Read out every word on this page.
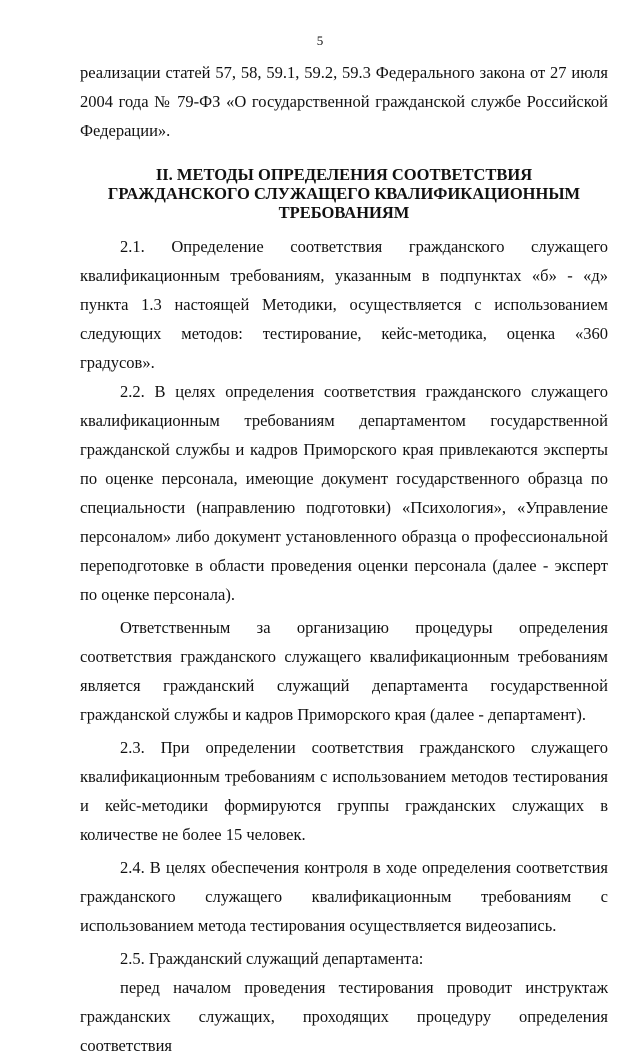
5

реализации статей 57, 58, 59.1, 59.2, 59.3 Федерального закона от 27 июля 2004 года № 79-ФЗ «О государственной гражданской службе Российской Федерации».

II. МЕТОДЫ ОПРЕДЕЛЕНИЯ СООТВЕТСТВИЯ
ГРАЖДАНСКОГО СЛУЖАЩЕГО КВАЛИФИКАЦИОННЫМ
ТРЕБОВАНИЯМ

2.1. Определение соответствия гражданского служащего квалификационным требованиям, указанным в подпунктах «б» - «д» пункта 1.3 настоящей Методики, осуществляется с использованием следующих методов: тестирование, кейс-методика, оценка «360 градусов».

2.2. В целях определения соответствия гражданского служащего квалификационным требованиям департаментом государственной гражданской службы и кадров Приморского края привлекаются эксперты по оценке персонала, имеющие документ государственного образца по специальности (направлению подготовки) «Психология», «Управление персоналом» либо документ установленного образца о профессиональной переподготовке в области проведения оценки персонала (далее - эксперт по оценке персонала).

Ответственным за организацию процедуры определения соответствия гражданского служащего квалификационным требованиям является гражданский служащий департамента государственной гражданской службы и кадров Приморского края (далее - департамент).

2.3. При определении соответствия гражданского служащего квалификационным требованиям с использованием методов тестирования и кейс-методики формируются группы гражданских служащих в количестве не более 15 человек.

2.4. В целях обеспечения контроля в ходе определения соответствия гражданского служащего квалификационным требованиям с использованием метода тестирования осуществляется видеозапись.

2.5. Гражданский служащий департамента:

перед началом проведения тестирования проводит инструктаж гражданских служащих, проходящих процедуру определения соответствия
